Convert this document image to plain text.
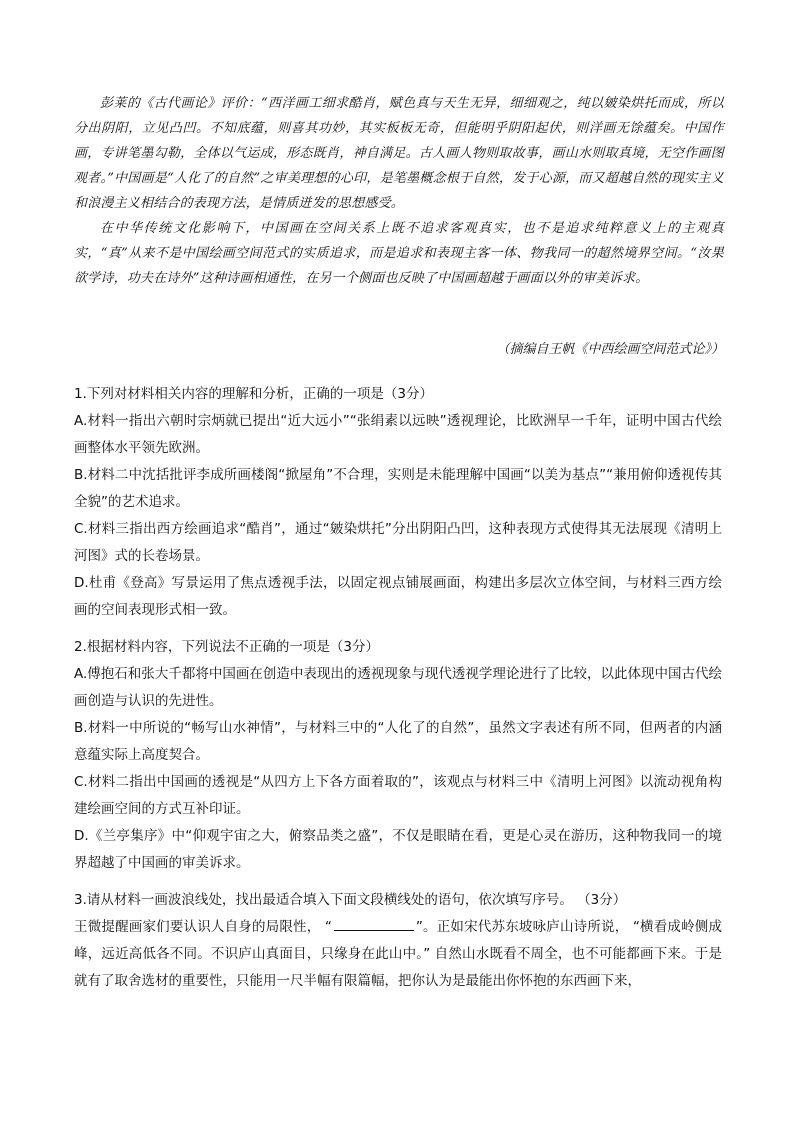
彭莱的《古代画论》评价：“西洋画工细求酷肖，赋色真与天生无异，细细观之，纯以皴染烘托而成，所以分出阴阳，立见凸凹。不知底蕴，则喜其功妙，其实板板无奇，但能明乎阴阳起伏，则洋画无馀蕴矣。中国作画，专讲笔墨勾勒，全体以气运成，形态既肖，神自满足。古人画人物则取故事，画山水则取真境，无空作画图观者。”中国画是“人化了的自然”之审美理想的心印，是笔墨概念根于自然，发于心源，而又超越自然的现实主义和浪漫主义相结合的表现方法，是情质迸发的思想感受。

在中华传统文化影响下，中国画在空间关系上既不追求客观真实，也不是追求纯粹意义上的主观真实，“真”从来不是中国绘画空间范式的实质追求，而是追求和表现主客一体、物我同一的超然境界空间。“汝果欲学诗，功夫在诗外”这种诗画相通性，在另一个侧面也反映了中国画超越于画面以外的审美诉求。

（摘编自王帆《中西绘画空间范式论》）

1.下列对材料相关内容的理解和分析，正确的一项是（3分）

A.材料一指出六朝时宗炳就已提出“近大远小”“张绢素以远映”透视理论，比欧洲早一千年，证明中国古代绘画整体水平领先欧洲。

B.材料二中沈括批评李成所画楼阁“掀屋角”不合理，实则是未能理解中国画“以美为基点”“兼用俯仰透视传其全貌”的艺术追求。

C.材料三指出西方绘画追求“酷肖”，通过“皴染烘托”分出阴阳凸凹，这种表现方式使得其无法展现《清明上河图》式的长卷场景。

D.杜甫《登高》写景运用了焦点透视手法，以固定视点铺展画面，构建出多层次立体空间，与材料三西方绘画的空间表现形式相一致。

2.根据材料内容，下列说法不正确的一项是（3分）

A.傅抱石和张大千都将中国画在创造中表现出的透视现象与现代透视学理论进行了比较，以此体现中国古代绘画创造与认识的先进性。

B.材料一中所说的“畅写山水神情”，与材料三中的“人化了的自然”，虽然文字表述有所不同，但两者的内涵意蕴实际上高度契合。

C.材料二指出中国画的透视是“从四方上下各方面着取的”，该观点与材料三中《清明上河图》以流动视角构建绘画空间的方式互补印证。

D.《兰亭集序》中“仰观宇宙之大，俯察品类之盛”，不仅是眼睛在看，更是心灵在游历，这种物我同一的境界超越了中国画的审美诉求。

3.请从材料一画波浪线处，找出最适合填入下面文段横线处的语句，依次填写序号。 （3分）

王微提醒画家们要认识人自身的局限性， “	”。正如宋代苏东坡咏庐山诗所说， “横看成岭侧成峰，远近高低各不同。不识庐山真面目，只缘身在此山中。” 自然山水既看不周全，也不可能都画下来。于是就有了取舍选材的重要性，只能用一尺半幅有限篇幅，把你认为是最能出你怀抱的东西画下来，
